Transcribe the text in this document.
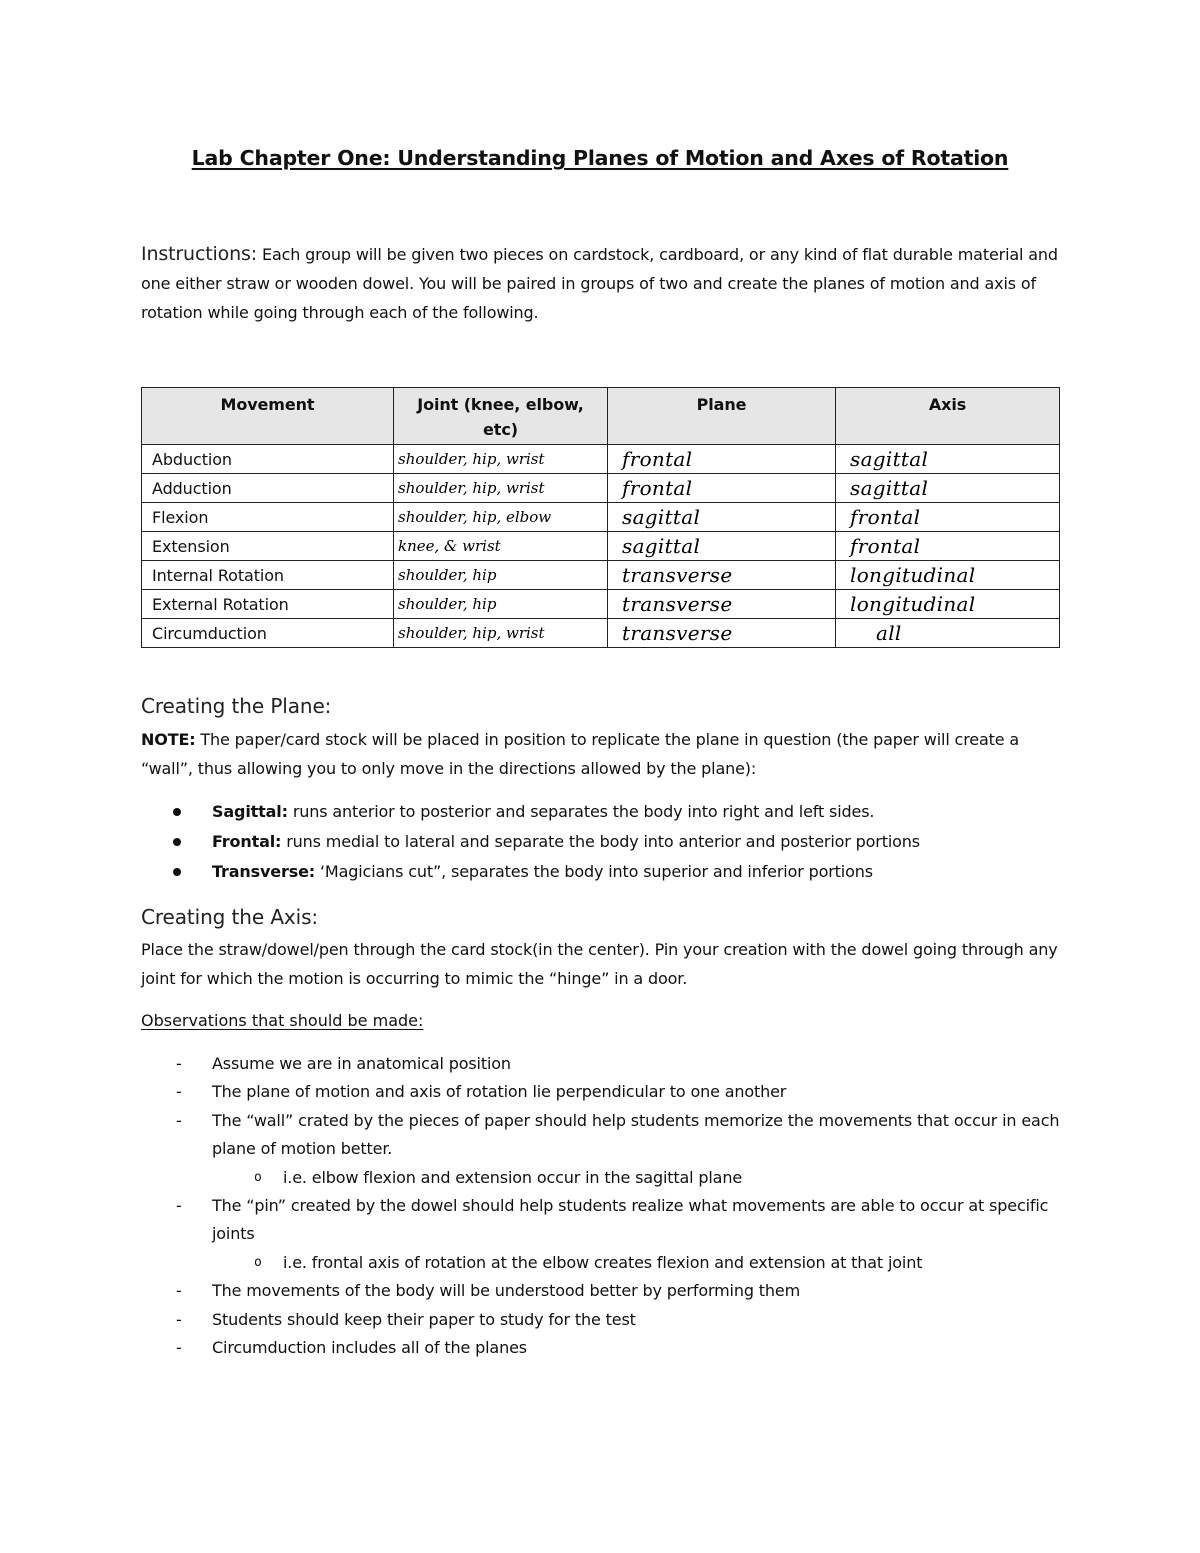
Lab Chapter One: Understanding Planes of Motion and Axes of Rotation
Instructions: Each group will be given two pieces on cardstock, cardboard, or any kind of flat durable material and one either straw or wooden dowel. You will be paired in groups of two and create the planes of motion and axis of rotation while going through each of the following.
Movement	Joint (knee, elbow, etc)	Plane	Axis
Abduction	shoulder, hip, wrist	frontal	sagittal
Adduction	shoulder, hip, wrist	frontal	sagittal
Flexion	shoulder, hip, elbow	sagittal	frontal
Extension	knee, & wrist	sagittal	frontal
Internal Rotation	shoulder, hip	transverse	longitudinal
External Rotation	shoulder, hip	transverse	longitudinal
Circumduction	shoulder, hip, wrist	transverse	all
Creating the Plane:
NOTE: The paper/card stock will be placed in position to replicate the plane in question (the paper will create a “wall”, thus allowing you to only move in the directions allowed by the plane):
Sagittal: runs anterior to posterior and separates the body into right and left sides.
Frontal: runs medial to lateral and separate the body into anterior and posterior portions
Transverse: ‘Magicians cut”, separates the body into superior and inferior portions
Creating the Axis:
Place the straw/dowel/pen through the card stock(in the center). Pin your creation with the dowel going through any joint for which the motion is occurring to mimic the “hinge” in a door.
Observations that should be made:
- Assume we are in anatomical position
- The plane of motion and axis of rotation lie perpendicular to one another
- The “wall” crated by the pieces of paper should help students memorize the movements that occur in each plane of motion better.
o i.e. elbow flexion and extension occur in the sagittal plane
- The “pin” created by the dowel should help students realize what movements are able to occur at specific joints
o i.e. frontal axis of rotation at the elbow creates flexion and extension at that joint
- The movements of the body will be understood better by performing them
- Students should keep their paper to study for the test
- Circumduction includes all of the planes
